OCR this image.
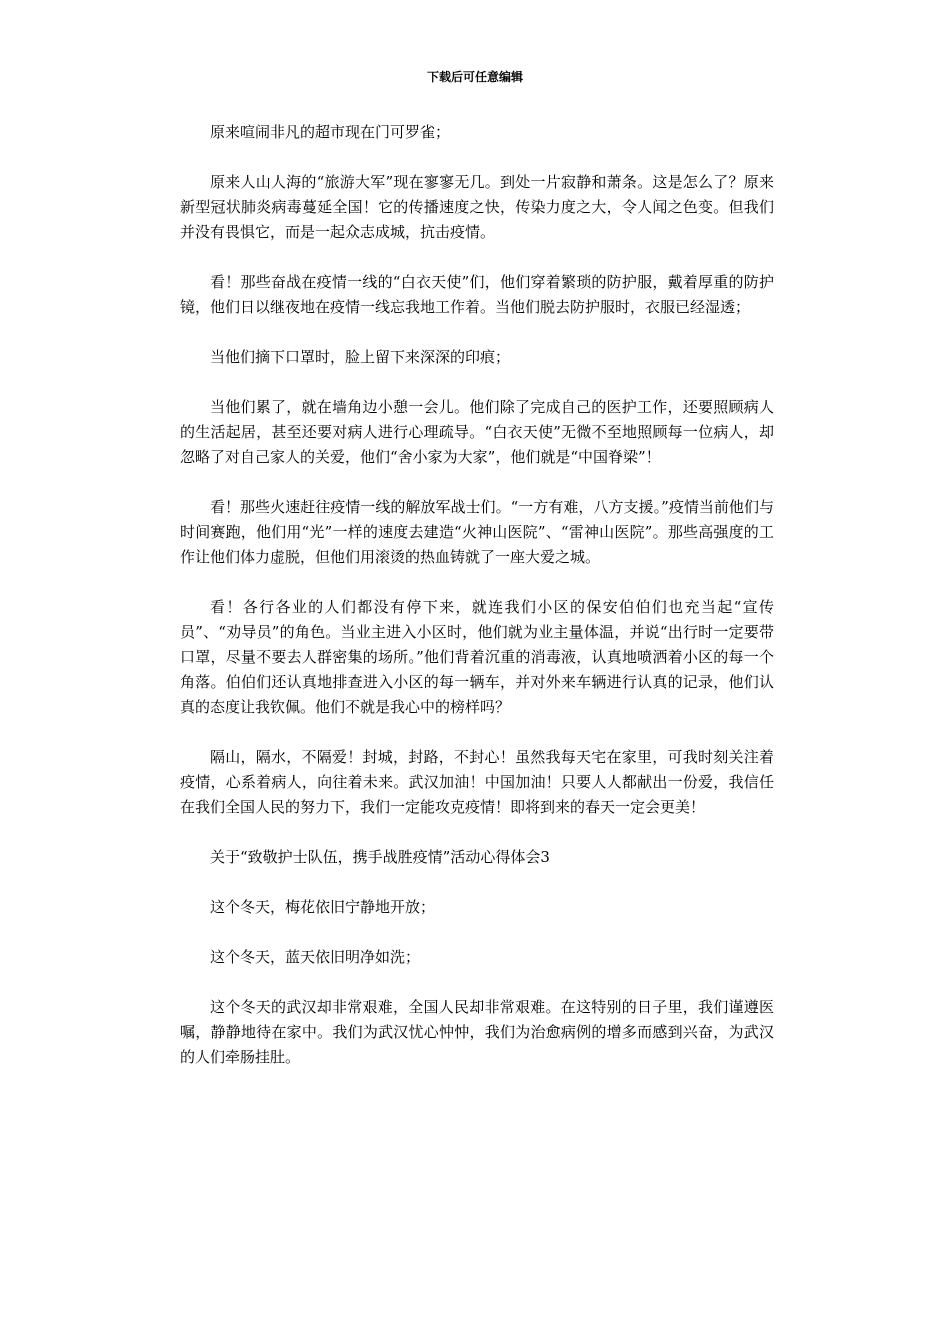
下载后可任意编辑

原来喧闹非凡的超市现在门可罗雀；

原来人山人海的“旅游大军”现在寥寥无几。到处一片寂静和萧条。这是怎么了？原来新型冠状肺炎病毒蔓延全国！它的传播速度之快，传染力度之大，令人闻之色变。但我们并没有畏惧它，而是一起众志成城，抗击疫情。

看！那些奋战在疫情一线的“白衣天使”们，他们穿着繁琐的防护服，戴着厚重的防护镜，他们日以继夜地在疫情一线忘我地工作着。当他们脱去防护服时，衣服已经湿透；

当他们摘下口罩时，脸上留下来深深的印痕；

当他们累了，就在墙角边小憩一会儿。他们除了完成自己的医护工作，还要照顾病人的生活起居，甚至还要对病人进行心理疏导。“白衣天使”无微不至地照顾每一位病人，却忽略了对自己家人的关爱，他们“舍小家为大家”，他们就是“中国脊梁”！

看！那些火速赶往疫情一线的解放军战士们。“一方有难，八方支援。”疫情当前他们与时间赛跑，他们用“光”一样的速度去建造“火神山医院”、“雷神山医院”。那些高强度的工作让他们体力虚脱，但他们用滚烫的热血铸就了一座大爱之城。

看！各行各业的人们都没有停下来，就连我们小区的保安伯伯们也充当起“宣传员”、“劝导员”的角色。当业主进入小区时，他们就为业主量体温，并说“出行时一定要带口罩，尽量不要去人群密集的场所。”他们背着沉重的消毒液，认真地喷洒着小区的每一个角落。伯伯们还认真地排查进入小区的每一辆车，并对外来车辆进行认真的记录，他们认真的态度让我钦佩。他们不就是我心中的榜样吗？

隔山，隔水，不隔爱！封城，封路，不封心！虽然我每天宅在家里，可我时刻关注着疫情，心系着病人，向往着未来。武汉加油！中国加油！只要人人都献出一份爱，我信任在我们全国人民的努力下，我们一定能攻克疫情！即将到来的春天一定会更美！

关于“致敬护士队伍，携手战胜疫情”活动心得体会3

这个冬天，梅花依旧宁静地开放；

这个冬天，蓝天依旧明净如洗；

这个冬天的武汉却非常艰难，全国人民却非常艰难。在这特别的日子里，我们谨遵医嘱，静静地待在家中。我们为武汉忧心忡忡，我们为治愈病例的增多而感到兴奋，为武汉的人们牵肠挂肚。
